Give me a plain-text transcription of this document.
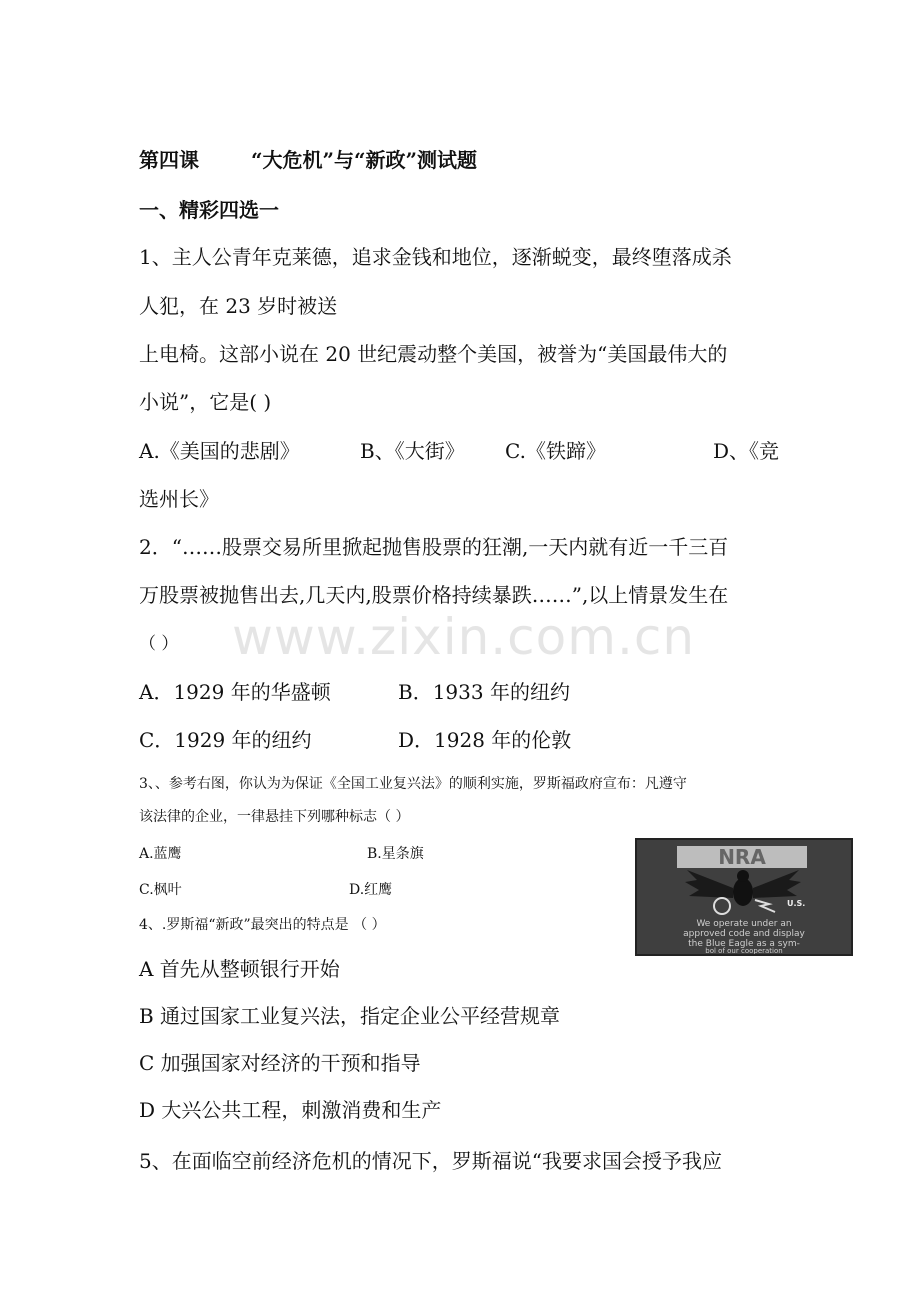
第四课	“大危机”与“新政”测试题
一、精彩四选一
1、主人公青年克莱德，追求金钱和地位，逐渐蜕变，最终堕落成杀
人犯，在 23 岁时被送
上电椅。这部小说在 20 世纪震动整个美国，被誉为“美国最伟大的
小说”，它是( )
A.《美国的悲剧》	B、《大街》 C.《铁蹄》	D、《竞
选州长》
2．“……股票交易所里掀起抛售股票的狂潮,一天内就有近一千三百
万股票被抛售出去,几天内,股票价格持续暴跌……”,以上情景发生在
（ ）
A．1929 年的华盛顿	B．1933 年的纽约
C．1929 年的纽约	D．1928 年的伦敦
www.zixin.com.cn
3、、参考右图，你认为为保证《全国工业复兴法》的顺利实施，罗斯福政府宣布：凡遵守
该法律的企业，一律悬挂下列哪种标志（ ）
A.蓝鹰	B.星条旗
C.枫叶	D.红鹰
NRA
U.S.
We operate under an
approved code and display
the Blue Eagle as a sym-
bol of our cooperation
4、.罗斯福“新政”最突出的特点是 （ ）
A 首先从整顿银行开始
B 通过国家工业复兴法，指定企业公平经营规章
C 加强国家对经济的干预和指导
D 大兴公共工程，刺激消费和生产
5、在面临空前经济危机的情况下，罗斯福说“我要求国会授予我应
